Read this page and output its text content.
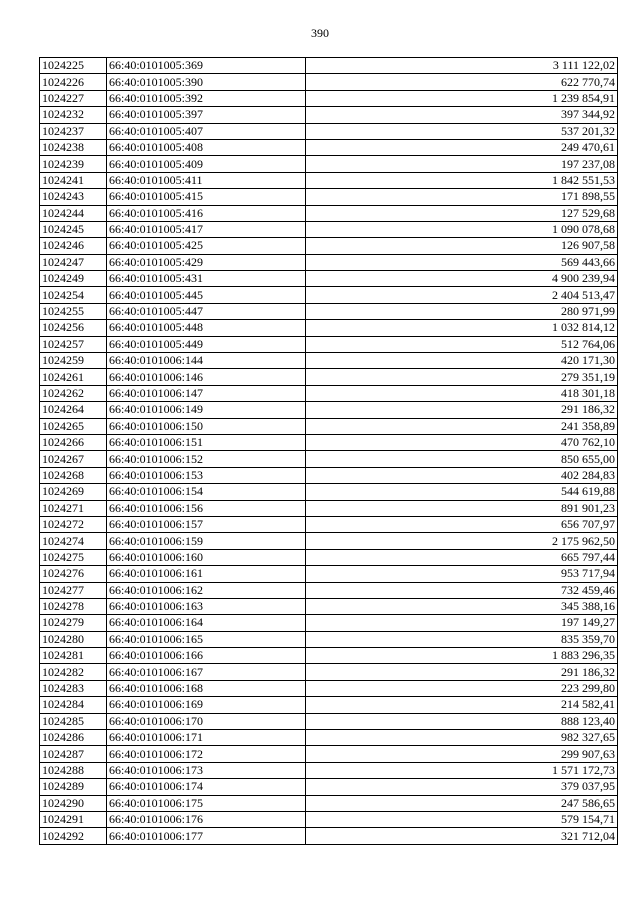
390
1024225	66:40:0101005:369	3 111 122,02
1024226	66:40:0101005:390	622 770,74
1024227	66:40:0101005:392	1 239 854,91
1024232	66:40:0101005:397	397 344,92
1024237	66:40:0101005:407	537 201,32
1024238	66:40:0101005:408	249 470,61
1024239	66:40:0101005:409	197 237,08
1024241	66:40:0101005:411	1 842 551,53
1024243	66:40:0101005:415	171 898,55
1024244	66:40:0101005:416	127 529,68
1024245	66:40:0101005:417	1 090 078,68
1024246	66:40:0101005:425	126 907,58
1024247	66:40:0101005:429	569 443,66
1024249	66:40:0101005:431	4 900 239,94
1024254	66:40:0101005:445	2 404 513,47
1024255	66:40:0101005:447	280 971,99
1024256	66:40:0101005:448	1 032 814,12
1024257	66:40:0101005:449	512 764,06
1024259	66:40:0101006:144	420 171,30
1024261	66:40:0101006:146	279 351,19
1024262	66:40:0101006:147	418 301,18
1024264	66:40:0101006:149	291 186,32
1024265	66:40:0101006:150	241 358,89
1024266	66:40:0101006:151	470 762,10
1024267	66:40:0101006:152	850 655,00
1024268	66:40:0101006:153	402 284,83
1024269	66:40:0101006:154	544 619,88
1024271	66:40:0101006:156	891 901,23
1024272	66:40:0101006:157	656 707,97
1024274	66:40:0101006:159	2 175 962,50
1024275	66:40:0101006:160	665 797,44
1024276	66:40:0101006:161	953 717,94
1024277	66:40:0101006:162	732 459,46
1024278	66:40:0101006:163	345 388,16
1024279	66:40:0101006:164	197 149,27
1024280	66:40:0101006:165	835 359,70
1024281	66:40:0101006:166	1 883 296,35
1024282	66:40:0101006:167	291 186,32
1024283	66:40:0101006:168	223 299,80
1024284	66:40:0101006:169	214 582,41
1024285	66:40:0101006:170	888 123,40
1024286	66:40:0101006:171	982 327,65
1024287	66:40:0101006:172	299 907,63
1024288	66:40:0101006:173	1 571 172,73
1024289	66:40:0101006:174	379 037,95
1024290	66:40:0101006:175	247 586,65
1024291	66:40:0101006:176	579 154,71
1024292	66:40:0101006:177	321 712,04
